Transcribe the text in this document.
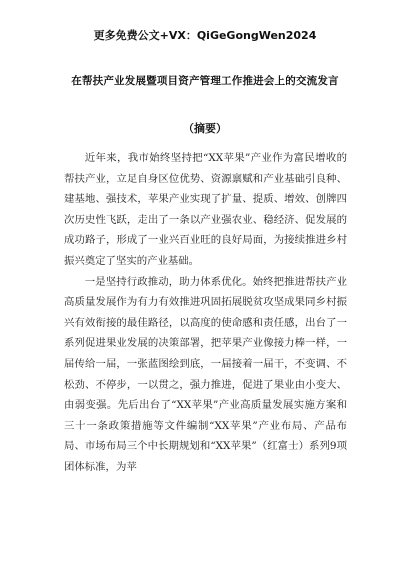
更多免费公文+VX：QiGeGongWen2024
在帮扶产业发展暨项目资产管理工作推进会上的交流发言
（摘要）

近年来，我市始终坚持把“XX苹果”产业作为富民增收的帮扶产业，立足自身区位优势、资源禀赋和产业基础引良种、建基地、强技术，苹果产业实现了扩量、提质、增效、创牌四次历史性飞跃，走出了一条以产业强农业、稳经济、促发展的成功路子，形成了一业兴百业旺的良好局面，为接续推进乡村振兴奠定了坚实的产业基础。

一是坚持行政推动，助力体系优化。始终把推进帮扶产业高质量发展作为有力有效推进巩固拓展脱贫攻坚成果同乡村振兴有效衔接的最佳路径，以高度的使命感和责任感，出台了一系列促进果业发展的决策部署，把苹果产业像接力棒一样，一届传给一届，一张蓝图绘到底，一届接着一届干，不变调、不松劲、不停步，一以贯之，强力推进，促进了果业由小变大、由弱变强。先后出台了“XX苹果”产业高质量发展实施方案和三十一条政策措施等文件编制“XX苹果”产业布局、产品布局、市场布局三个中长期规划和“XX苹果”（红富士）系列9项团体标准，为苹
